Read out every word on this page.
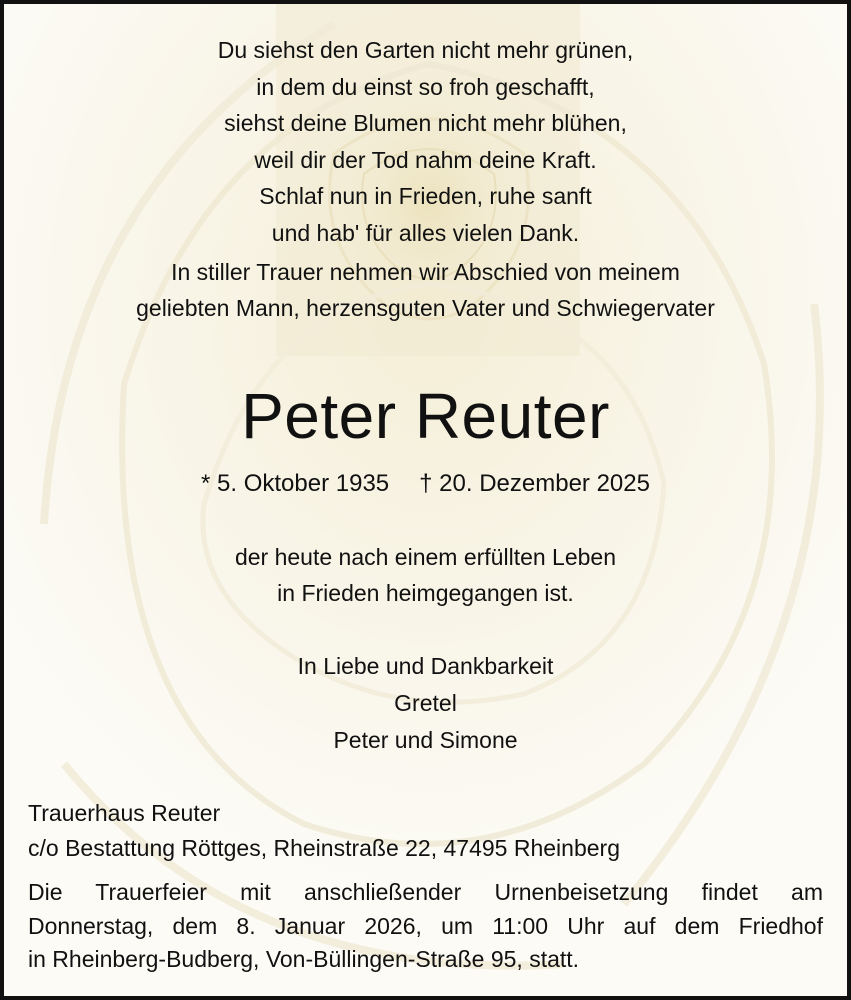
Du siehst den Garten nicht mehr grünen,
in dem du einst so froh geschafft,
siehst deine Blumen nicht mehr blühen,
weil dir der Tod nahm deine Kraft.
Schlaf nun in Frieden, ruhe sanft
und hab' für alles vielen Dank.
In stiller Trauer nehmen wir Abschied von meinem
geliebten Mann, herzensguten Vater und Schwiegervater
Peter Reuter
* 5. Oktober 1935 † 20. Dezember 2025
der heute nach einem erfüllten Leben
in Frieden heimgegangen ist.
In Liebe und Dankbarkeit
Gretel
Peter und Simone
Trauerhaus Reuter
c/o Bestattung Röttges, Rheinstraße 22, 47495 Rheinberg
Die Trauerfeier mit anschließender Urnenbeisetzung findet am
Donnerstag, dem 8. Januar 2026, um 11:00 Uhr auf dem Friedhof
in Rheinberg-Budberg, Von-Büllingen-Straße 95, statt.
